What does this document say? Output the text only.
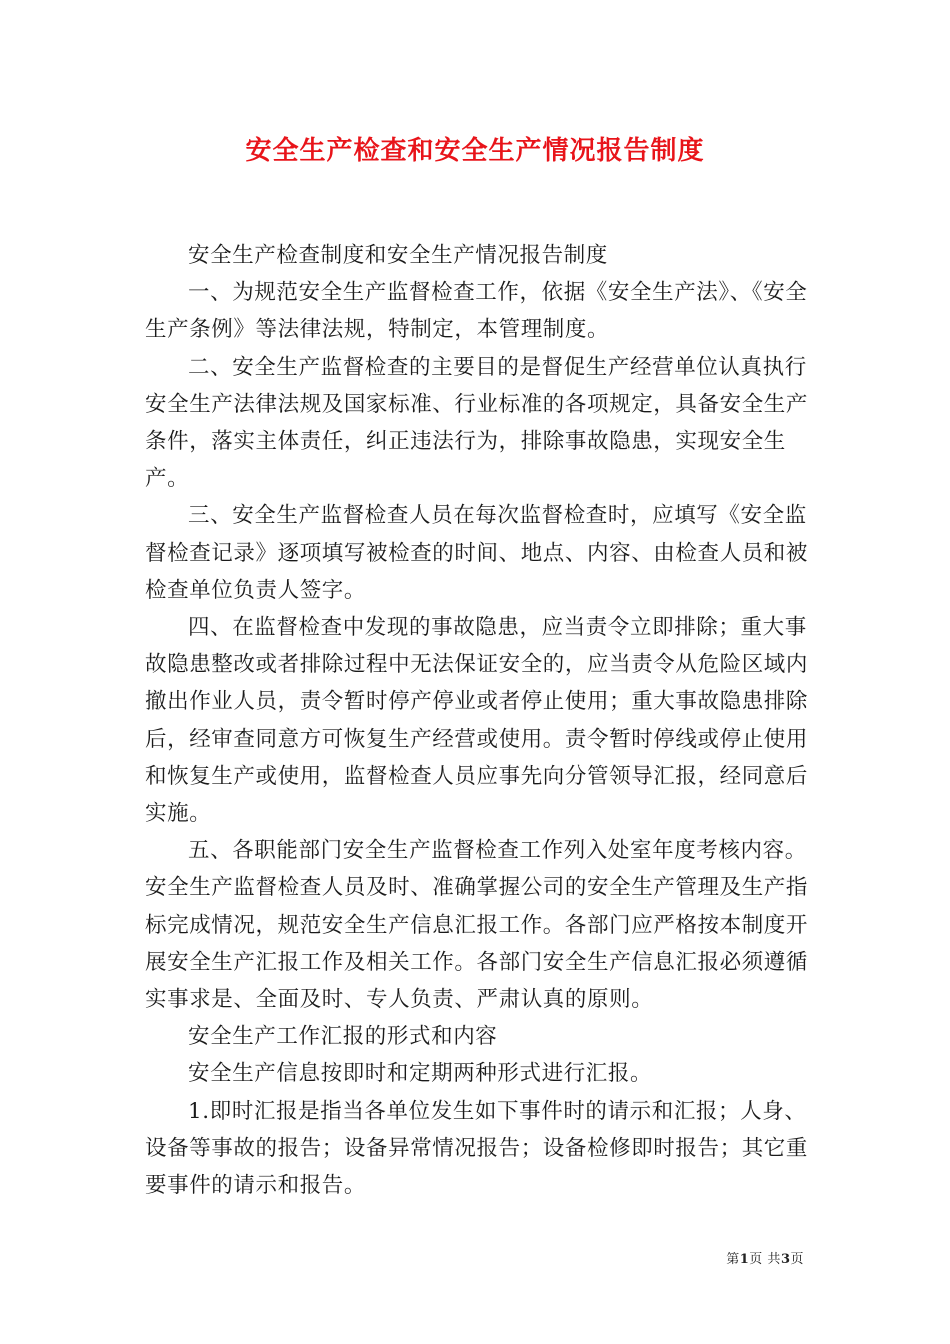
安全生产检查和安全生产情况报告制度

安全生产检查制度和安全生产情况报告制度

一、为规范安全生产监督检查工作，依据《安全生产法》、《安全生产条例》等法律法规，特制定，本管理制度。

二、安全生产监督检查的主要目的是督促生产经营单位认真执行安全生产法律法规及国家标准、行业标准的各项规定，具备安全生产条件，落实主体责任，纠正违法行为，排除事故隐患，实现安全生产。

三、安全生产监督检查人员在每次监督检查时，应填写《安全监督检查记录》逐项填写被检查的时间、地点、内容、由检查人员和被检查单位负责人签字。

四、在监督检查中发现的事故隐患，应当责令立即排除；重大事故隐患整改或者排除过程中无法保证安全的，应当责令从危险区域内撤出作业人员，责令暂时停产停业或者停止使用；重大事故隐患排除后，经审查同意方可恢复生产经营或使用。责令暂时停线或停止使用和恢复生产或使用，监督检查人员应事先向分管领导汇报，经同意后实施。

五、各职能部门安全生产监督检查工作列入处室年度考核内容。安全生产监督检查人员及时、准确掌握公司的安全生产管理及生产指标完成情况，规范安全生产信息汇报工作。各部门应严格按本制度开展安全生产汇报工作及相关工作。各部门安全生产信息汇报必须遵循实事求是、全面及时、专人负责、严肃认真的原则。

安全生产工作汇报的形式和内容

安全生产信息按即时和定期两种形式进行汇报。

1.即时汇报是指当各单位发生如下事件时的请示和汇报；人身、设备等事故的报告；设备异常情况报告；设备检修即时报告；其它重要事件的请示和报告。

第1页 共3页
